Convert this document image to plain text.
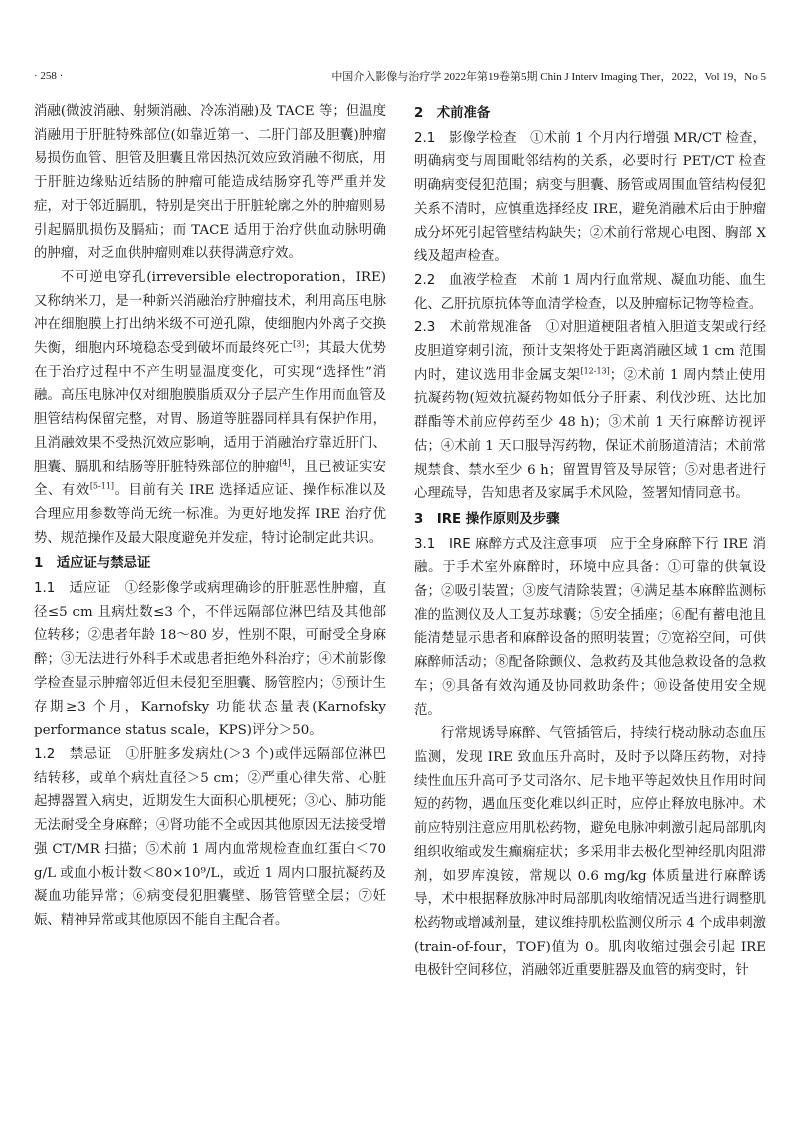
· 258 ·	中国介入影像与治疗学 2022年第19卷第5期 Chin J Interv Imaging Ther，2022，Vol 19，No 5

消融(微波消融、射频消融、冷冻消融)及 TACE 等；但温度消融用于肝脏特殊部位(如靠近第一、二肝门部及胆囊)肿瘤易损伤血管、胆管及胆囊且常因热沉效应致消融不彻底，用于肝脏边缘贴近结肠的肿瘤可能造成结肠穿孔等严重并发症，对于邻近膈肌，特别是突出于肝脏轮廓之外的肿瘤则易引起膈肌损伤及膈疝；而 TACE 适用于治疗供血动脉明确的肿瘤，对乏血供肿瘤则难以获得满意疗效。

不可逆电穿孔(irreversible electroporation，IRE)又称纳米刀，是一种新兴消融治疗肿瘤技术，利用高压电脉冲在细胞膜上打出纳米级不可逆孔隙，使细胞内外离子交换失衡，细胞内环境稳态受到破坏而最终死亡[3]；其最大优势在于治疗过程中不产生明显温度变化，可实现“选择性”消融。高压电脉冲仅对细胞膜脂质双分子层产生作用而血管及胆管结构保留完整，对胃、肠道等脏器同样具有保护作用，且消融效果不受热沉效应影响，适用于消融治疗靠近肝门、胆囊、膈肌和结肠等肝脏特殊部位的肿瘤[4]，且已被证实安全、有效[5-11]。目前有关 IRE 选择适应证、操作标准以及合理应用参数等尚无统一标准。为更好地发挥 IRE 治疗优势、规范操作及最大限度避免并发症，特讨论制定此共识。

1　适应证与禁忌证

1.1　适应证　①经影像学或病理确诊的肝脏恶性肿瘤，直径≤5 cm 且病灶数≤3 个，不伴远隔部位淋巴结及其他部位转移；②患者年龄 18～80 岁，性别不限，可耐受全身麻醉；③无法进行外科手术或患者拒绝外科治疗；④术前影像学检查显示肿瘤邻近但未侵犯至胆囊、肠管腔内；⑤预计生存期≥3 个月，Karnofsky 功能状态量表(Karnofsky performance status scale，KPS)评分＞50。

1.2　禁忌证　①肝脏多发病灶(＞3 个)或伴远隔部位淋巴结转移，或单个病灶直径＞5 cm；②严重心律失常、心脏起搏器置入病史，近期发生大面积心肌梗死；③心、肺功能无法耐受全身麻醉；④肾功能不全或因其他原因无法接受增强 CT/MR 扫描；⑤术前 1 周内血常规检查血红蛋白＜70 g/L 或血小板计数＜80×10⁹/L，或近 1 周内口服抗凝药及凝血功能异常；⑥病变侵犯胆囊壁、肠管管壁全层；⑦妊娠、精神异常或其他原因不能自主配合者。

2　术前准备

2.1　影像学检查　①术前 1 个月内行增强 MR/CT 检查，明确病变与周围毗邻结构的关系，必要时行 PET/CT 检查明确病变侵犯范围；病变与胆囊、肠管或周围血管结构侵犯关系不清时，应慎重选择经皮 IRE，避免消融术后由于肿瘤成分坏死引起管壁结构缺失；②术前行常规心电图、胸部 X 线及超声检查。

2.2　血液学检查　术前 1 周内行血常规、凝血功能、血生化、乙肝抗原抗体等血清学检查，以及肿瘤标记物等检查。

2.3　术前常规准备　①对胆道梗阻者植入胆道支架或行经皮胆道穿刺引流，预计支架将处于距离消融区域 1 cm 范围内时，建议选用非金属支架[12-13]；②术前 1 周内禁止使用抗凝药物(短效抗凝药物如低分子肝素、利伐沙班、达比加群酯等术前应停药至少 48 h)；③术前 1 天行麻醉访视评估；④术前 1 天口服导泻药物，保证术前肠道清洁；术前常规禁食、禁水至少 6 h；留置胃管及导尿管；⑤对患者进行心理疏导，告知患者及家属手术风险，签署知情同意书。

3　IRE 操作原则及步骤

3.1　IRE 麻醉方式及注意事项　应于全身麻醉下行 IRE 消融。于手术室外麻醉时，环境中应具备：①可靠的供氧设备；②吸引装置；③废气清除装置；④满足基本麻醉监测标准的监测仪及人工复苏球囊；⑤安全插座；⑥配有蓄电池且能清楚显示患者和麻醉设备的照明装置；⑦宽裕空间，可供麻醉师活动；⑧配备除颤仪、急救药及其他急救设备的急救车；⑨具备有效沟通及协同救助条件；⑩设备使用安全规范。

行常规诱导麻醉、气管插管后，持续行桡动脉动态血压监测，发现 IRE 致血压升高时，及时予以降压药物，对持续性血压升高可予艾司洛尔、尼卡地平等起效快且作用时间短的药物，遇血压变化难以纠正时，应停止释放电脉冲。术前应特别注意应用肌松药物，避免电脉冲刺激引起局部肌肉组织收缩或发生癫痫症状；多采用非去极化型神经肌肉阻滞剂，如罗库溴铵，常规以 0.6 mg/kg 体质量进行麻醉诱导，术中根据释放脉冲时局部肌肉收缩情况适当进行调整肌松药物或增减剂量，建议维持肌松监测仪所示 4 个成串刺激(train-of-four，TOF)值为 0。肌肉收缩过强会引起 IRE 电极针空间移位，消融邻近重要脏器及血管的病变时，针
